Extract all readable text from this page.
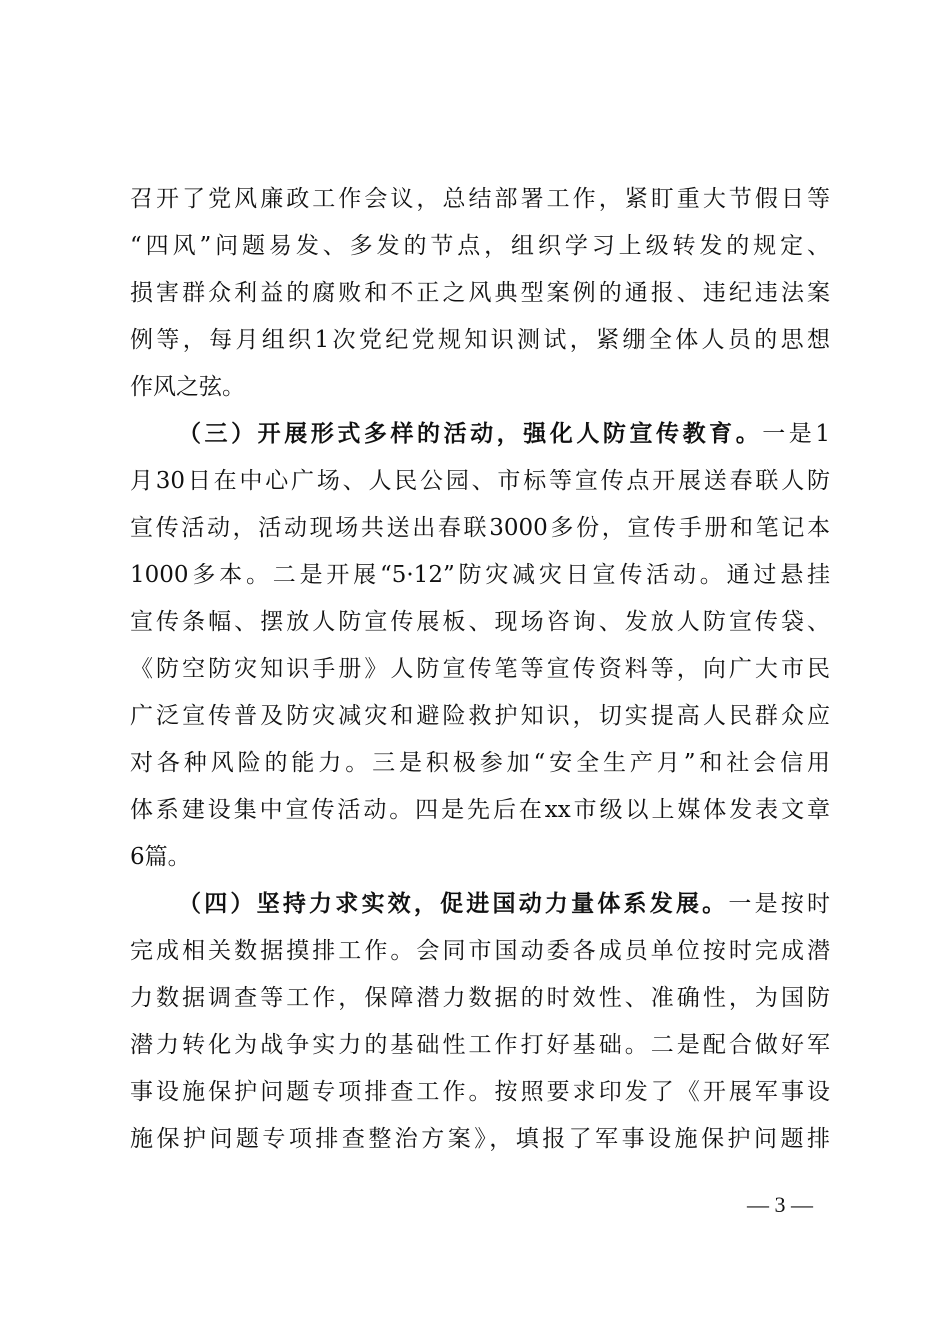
召开了党风廉政工作会议，总结部署工作，紧盯重大节假日等
“四风”问题易发、多发的节点，组织学习上级转发的规定、
损害群众利益的腐败和不正之风典型案例的通报、违纪违法案
例等，每月组织1次党纪党规知识测试，紧绷全体人员的思想
作风之弦。
（三）开展形式多样的活动，强化人防宣传教育。一是1
月30日在中心广场、人民公园、市标等宣传点开展送春联人防
宣传活动，活动现场共送出春联3000多份，宣传手册和笔记本
1000多本。二是开展“5·12”防灾减灾日宣传活动。通过悬挂
宣传条幅、摆放人防宣传展板、现场咨询、发放人防宣传袋、
《防空防灾知识手册》人防宣传笔等宣传资料等，向广大市民
广泛宣传普及防灾减灾和避险救护知识，切实提高人民群众应
对各种风险的能力。三是积极参加“安全生产月”和社会信用
体系建设集中宣传活动。四是先后在xx市级以上媒体发表文章
6篇。
（四）坚持力求实效，促进国动力量体系发展。一是按时
完成相关数据摸排工作。会同市国动委各成员单位按时完成潜
力数据调查等工作，保障潜力数据的时效性、准确性，为国防
潜力转化为战争实力的基础性工作打好基础。二是配合做好军
事设施保护问题专项排查工作。按照要求印发了《开展军事设
施保护问题专项排查整治方案》，填报了军事设施保护问题排
— 3 —
